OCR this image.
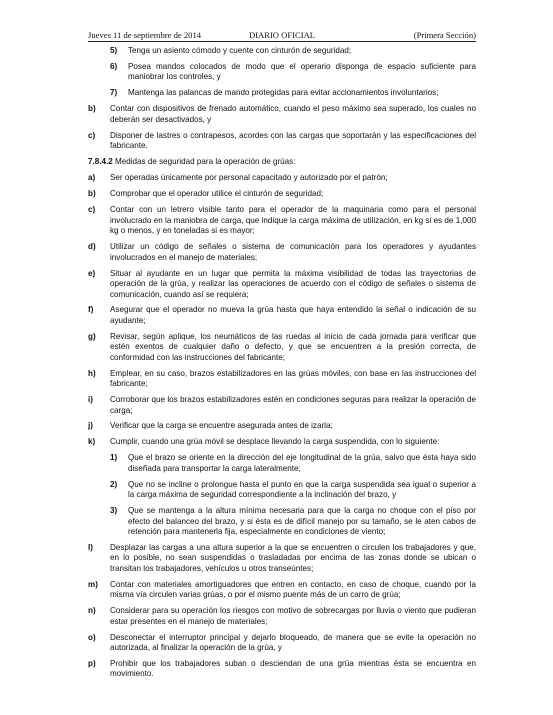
Jueves 11 de septiembre de 2014	DIARIO OFICIAL	(Primera Sección)
5) Tenga un asiento cómodo y cuente con cinturón de seguridad;
6) Posea mandos colocados de modo que el operario disponga de espacio suficiente para maniobrar los controles, y
7) Mantenga las palancas de mando protegidas para evitar accionamientos involuntarios;
b) Contar con dispositivos de frenado automático, cuando el peso máximo sea superado, los cuales no deberán ser desactivados, y
c) Disponer de lastres o contrapesos, acordes con las cargas que soportarán y las especificaciones del fabricante.
7.8.4.2 Medidas de seguridad para la operación de grúas:
a) Ser operadas únicamente por personal capacitado y autorizado por el patrón;
b) Comprobar que el operador utilice el cinturón de seguridad;
c) Contar con un letrero visible tanto para el operador de la maquinaria como para el personal involucrado en la maniobra de carga, que indique la carga máxima de utilización, en kg si es de 1,000 kg o menos, y en toneladas si es mayor;
d) Utilizar un código de señales o sistema de comunicación para los operadores y ayudantes involucrados en el manejo de materiales;
e) Situar al ayudante en un lugar que permita la máxima visibilidad de todas las trayectorias de operación de la grúa, y realizar las operaciones de acuerdo con el código de señales o sistema de comunicación, cuando así se requiera;
f) Asegurar que el operador no mueva la grúa hasta que haya entendido la señal o indicación de su ayudante;
g) Revisar, según aplique, los neumáticos de las ruedas al inicio de cada jornada para verificar que estén exentos de cualquier daño o defecto, y que se encuentren a la presión correcta, de conformidad con las instrucciones del fabricante;
h) Emplear, en su caso, brazos estabilizadores en las grúas móviles, con base en las instrucciones del fabricante;
i) Corroborar que los brazos estabilizadores estén en condiciones seguras para realizar la operación de carga;
j) Verificar que la carga se encuentre asegurada antes de izarla;
k) Cumplir, cuando una grúa móvil se desplace llevando la carga suspendida, con lo siguiente:
1) Que el brazo se oriente en la dirección del eje longitudinal de la grúa, salvo que ésta haya sido diseñada para transportar la carga lateralmente;
2) Que no se incline o prolongue hasta el punto en que la carga suspendida sea igual o superior a la carga máxima de seguridad correspondiente a la inclinación del brazo, y
3) Que se mantenga a la altura mínima necesaria para que la carga no choque con el piso por efecto del balanceo del brazo, y si ésta es de difícil manejo por su tamaño, se le aten cabos de retención para mantenerla fija, especialmente en condiciones de viento;
l) Desplazar las cargas a una altura superior a la que se encuentren o circulen los trabajadores y que, en lo posible, no sean suspendidas o trasladadas por encima de las zonas donde se ubican o transitan los trabajadores, vehículos u otros transeúntes;
m) Contar con materiales amortiguadores que entren en contacto, en caso de choque, cuando por la misma vía circulen varias grúas, o por el mismo puente más de un carro de grúa;
n) Considerar para su operación los riesgos con motivo de sobrecargas por lluvia o viento que pudieran estar presentes en el manejo de materiales;
o) Desconectar el interruptor principal y dejarlo bloqueado, de manera que se evite la operación no autorizada, al finalizar la operación de la grúa, y
p) Prohibir que los trabajadores suban o desciendan de una grúa mientras ésta se encuentra en movimiento.
